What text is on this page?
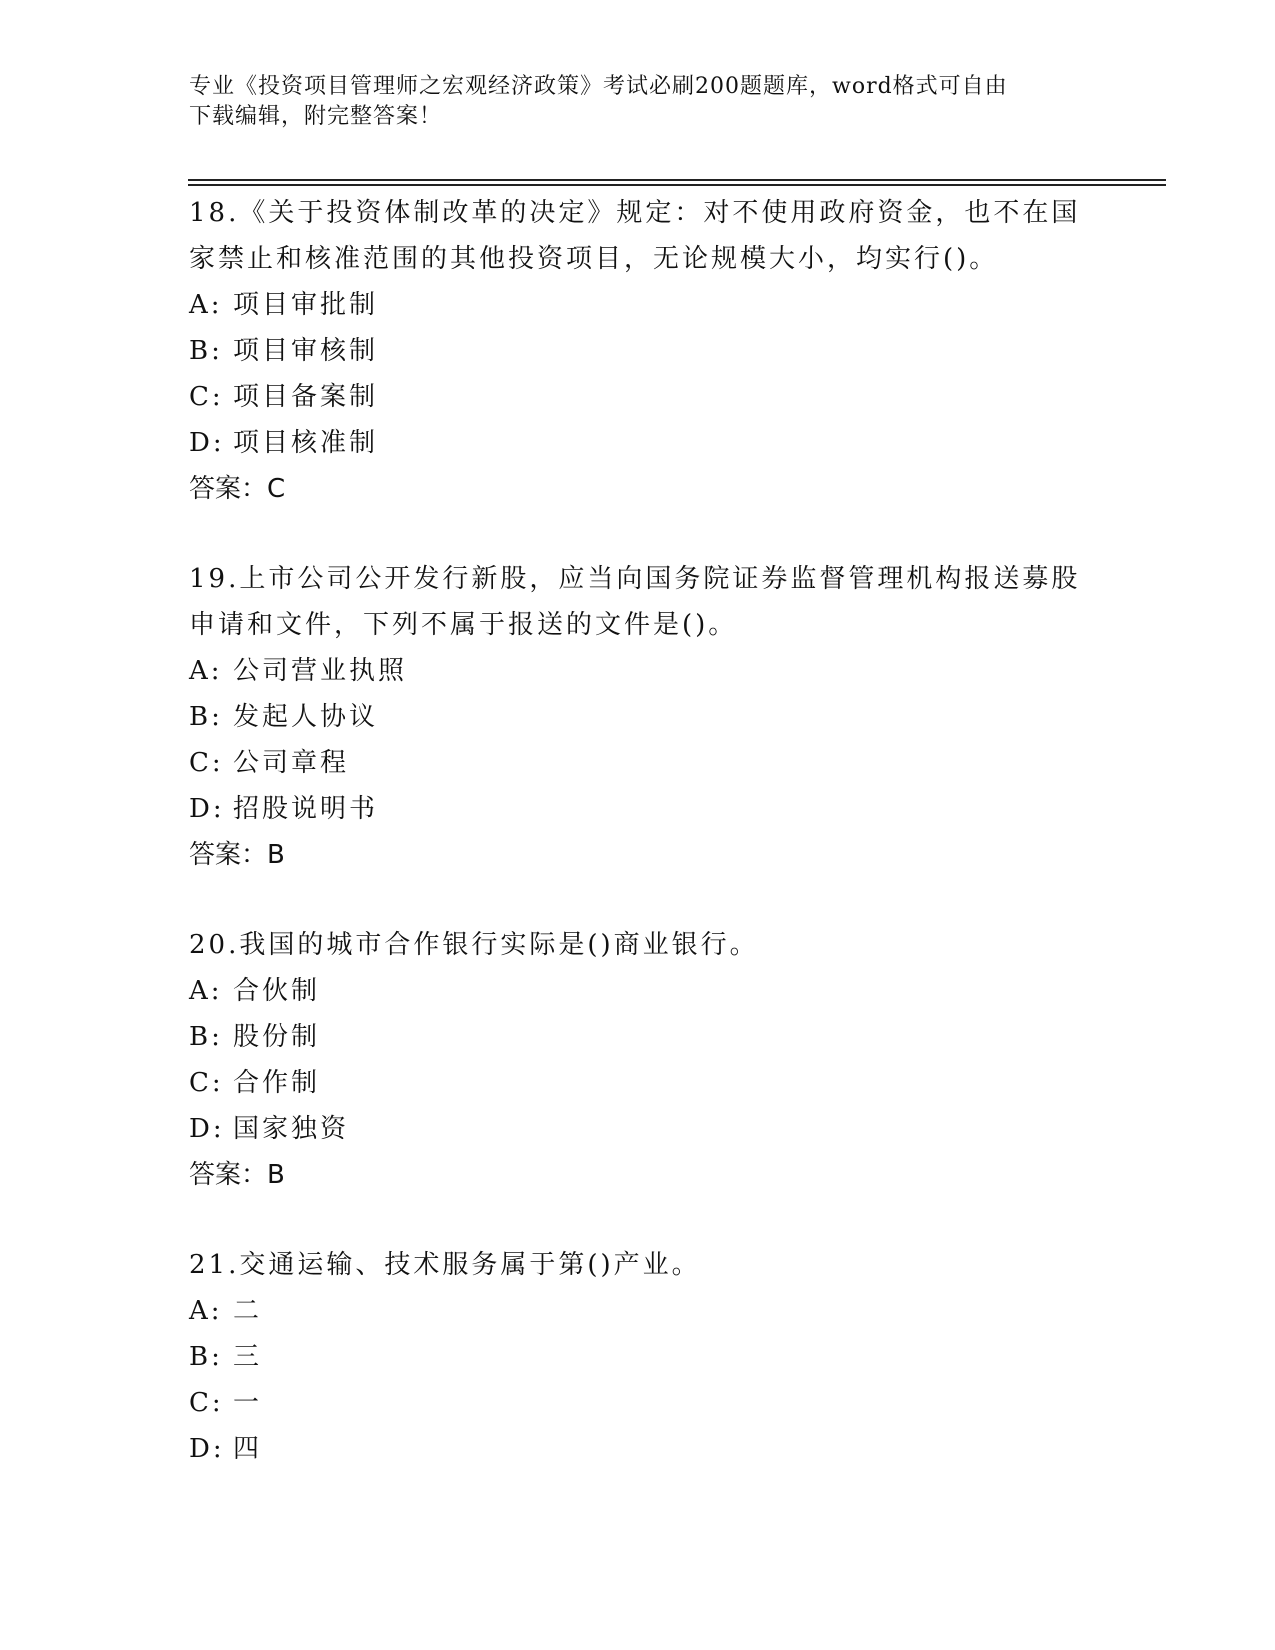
专业《投资项目管理师之宏观经济政策》考试必刷200题题库，word格式可自由
下载编辑，附完整答案！
18.《关于投资体制改革的决定》规定：对不使用政府资金，也不在国
家禁止和核准范围的其他投资项目，无论规模大小，均实行()。
A: 项目审批制
B: 项目审核制
C: 项目备案制
D: 项目核准制
答案：C
19.上市公司公开发行新股，应当向国务院证券监督管理机构报送募股
申请和文件，下列不属于报送的文件是()。
A: 公司营业执照
B: 发起人协议
C: 公司章程
D: 招股说明书
答案：B
20.我国的城市合作银行实际是()商业银行。
A: 合伙制
B: 股份制
C: 合作制
D: 国家独资
答案：B
21.交通运输、技术服务属于第()产业。
A: 二
B: 三
C: 一
D: 四
